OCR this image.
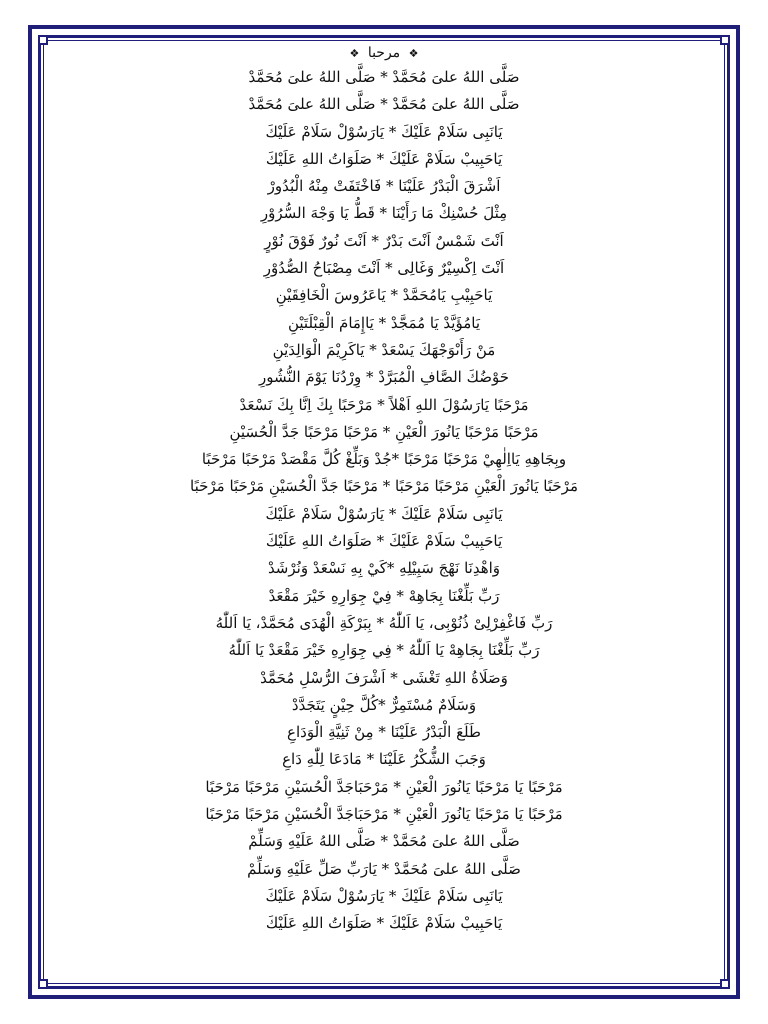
❖ مرحبا ❖
صَلَّى اللهُ علىَ مُحَمَّدْ * صَلَّى اللهُ علىَ مُحَمَّدْ
صَلَّى اللهُ علىَ مُحَمَّدْ * صَلَّى اللهُ علىَ مُحَمَّدْ
يَانَبِى سَلَامْ عَلَيْكَ * يَارَسُوْلْ سَلَامْ عَلَيْكَ
يَاحَبِيبْ سَلَامْ عَلَيْكَ * صَلَوَاتُ اللهِ عَلَيْكَ
اَشْرَقَ الْبَدْرُ عَلَيْنَا * فَاخْتَفَتْ مِنْهُ الْبُدُورْ
مِثْلَ حُسْنِكْ مَا رَأَيْنَا * قَطُّ يَا وَجْهَ السُّرُوْرِ
اَنْتَ شَمْسٌ اَنْتَ بَدْرٌ * اَنْتَ نُورٌ فَوْقَ نُوْرٍ
اَنْتَ اِكْسِيْرٌ وَغَالِى * اَنْتَ مِصْبَاحُ الصُّدُوْرِ
يَاحَبِيْبِ يَامُحَمَّدْ * يَاعَرُوسَ الْخَافِقَيْنِ
يَامُؤَيَّدْ يَا مُمَجَّدْ * يَاإِمَامَ الْقِبْلَتَيْنِ
مَنْ رَأَىْوَجْهَكَ يَسْعَدْ * يَاكَرِيْمَ الْوَالِدَيْنِ
حَوْضُكَ الصَّافِ الْمُبَرَّدْ * وِرْدُنَا يَوْمَ النُّشُورِ
مَرْحَبًا يَارَسُوْلَ اللهِ اَهْلاً * مَرْحَبًا بِكَ اِنَّا بِكَ نَسْعَدْ
مَرْحَبًا مَرْحَبًا يَانُورَ الْعَيْنِ * مَرْحَبًا مَرْحَبًا جَدَّ الْحُسَيْنِ
وبِجَاهِهِ يَااِلٰهِيْ مَرْحَبًا مَرْحَبًا *جُدْ وَبَلِّغْ كُلَّ مَقْصَدْ مَرْحَبًا مَرْحَبًا
مَرْحَبًا يَانُورَ الْعَيْنِ مَرْحَبًا مَرْحَبًا * مَرْحَبًا جَدَّ الْحُسَيْنِ مَرْحَبًا مَرْحَبًا
يَانَبِى سَلَامْ عَلَيْكَ * يَارَسُوْلْ سَلَامْ عَلَيْكَ
يَاحَبِيبْ سَلَامْ عَلَيْكَ * صَلَوَاتُ اللهِ عَلَيْكَ
وَاهْدِنَا نَهْجَ سَبِيْلِهِ *كَيْ بِهِ نَسْعَدْ وَنُرْشَدْ
رَبِّ بَلِّغْنَا بِجَاهِهْ * فِيْ جِوَارِهِ خَيْرَ مَقْعَدْ
رَبِّ فَاغْفِرْلِىْ ذُنُوْبِى، يَا اَللّٰهُ * بِبَرْكَةِ الْهُدَى مُحَمَّدْ، يَا اَللّٰهُ
رَبِّ بَلِّغْنَا بِجَاهِهْ يَا اَللّٰهُ * فِي جِوَارِهِ خَيْرَ مَقْعَدْ يَا اَللّٰهُ
وَصَلَاةُ اللهِ تَغْشَى * اَشْرَفَ الرُّسْلِ مُحَمَّدْ
وَسَلَامٌ مُسْتَمِرٌّ *كُلَّ حِيْنٍ يَتَجَدَّدْ
طَلَعَ الْبَدْرُ عَلَيْنَا * مِنْ ثَنِيَّةِ الْوَدَاعِ
وَجَبَ الشُّكْرُ عَلَيْنَا * مَادَعَا لِلّٰهِ دَاعِ
مَرْحَبًا يَا مَرْحَبًا يَانُورَ الْعَيْنِ * مَرْحَبَاجَدَّ الْحُسَيْنِ مَرْحَبًا مَرْحَبًا
مَرْحَبًا يَا مَرْحَبًا يَانُورَ الْعَيْنِ * مَرْحَبَاجَدَّ الْحُسَيْنِ مَرْحَبًا مَرْحَبًا
صَلَّى اللهُ علىَ مُحَمَّدْ * صَلَّى اللهُ عَلَيْهِ وَسَلِّمْ
صَلَّى اللهُ علىَ مُحَمَّدْ * يَارَبِّ صَلِّ عَلَيْهِ وَسَلِّمْ
يَانَبِى سَلَامْ عَلَيْكَ * يَارَسُوْلْ سَلَامْ عَلَيْكَ
يَاحَبِيبْ سَلَامْ عَلَيْكَ * صَلَوَاتُ اللهِ عَلَيْكَ
